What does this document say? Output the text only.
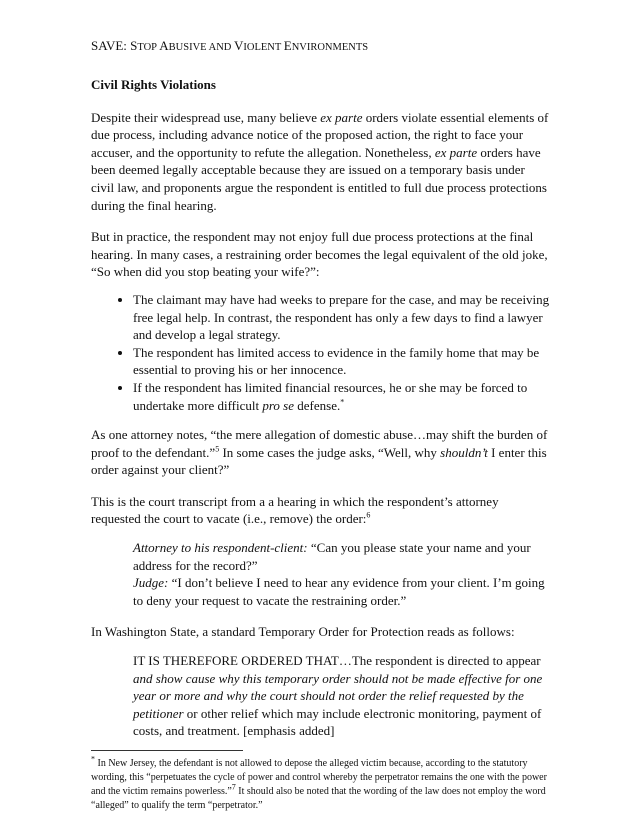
SAVE: STOP ABUSIVE AND VIOLENT ENVIRONMENTS
Civil Rights Violations

Despite their widespread use, many believe ex parte orders violate essential elements of due process, including advance notice of the proposed action, the right to face your accuser, and the opportunity to refute the allegation. Nonetheless, ex parte orders have been deemed legally acceptable because they are issued on a temporary basis under civil law, and proponents argue the respondent is entitled to full due process protections during the final hearing.

But in practice, the respondent may not enjoy full due process protections at the final hearing. In many cases, a restraining order becomes the legal equivalent of the old joke, “So when did you stop beating your wife?”:

• The claimant may have had weeks to prepare for the case, and may be receiving free legal help. In contrast, the respondent has only a few days to find a lawyer and develop a legal strategy.
• The respondent has limited access to evidence in the family home that may be essential to proving his or her innocence.
• If the respondent has limited financial resources, he or she may be forced to undertake more difficult pro se defense.*

As one attorney notes, “the mere allegation of domestic abuse…may shift the burden of proof to the defendant.”$^5$ In some cases the judge asks, “Well, why shouldn’t I enter this order against your client?”

This is the court transcript from a a hearing in which the respondent’s attorney requested the court to vacate (i.e., remove) the order:$^6$

Attorney to his respondent-client: “Can you please state your name and your address for the record?”
Judge: “I don’t believe I need to hear any evidence from your client. I’m going to deny your request to vacate the restraining order.”

In Washington State, a standard Temporary Order for Protection reads as follows:

IT IS THEREFORE ORDERED THAT…The respondent is directed to appear and show cause why this temporary order should not be made effective for one year or more and why the court should not order the relief requested by the petitioner or other relief which may include electronic monitoring, payment of costs, and treatment. [emphasis added]
* In New Jersey, the defendant is not allowed to depose the alleged victim because, according to the statutory wording, this “perpetuates the cycle of power and control whereby the perpetrator remains the one with the power and the victim remains powerless.”$^7$ It should also be noted that the wording of the law does not employ the word “alleged” to qualify the term “perpetrator.”
